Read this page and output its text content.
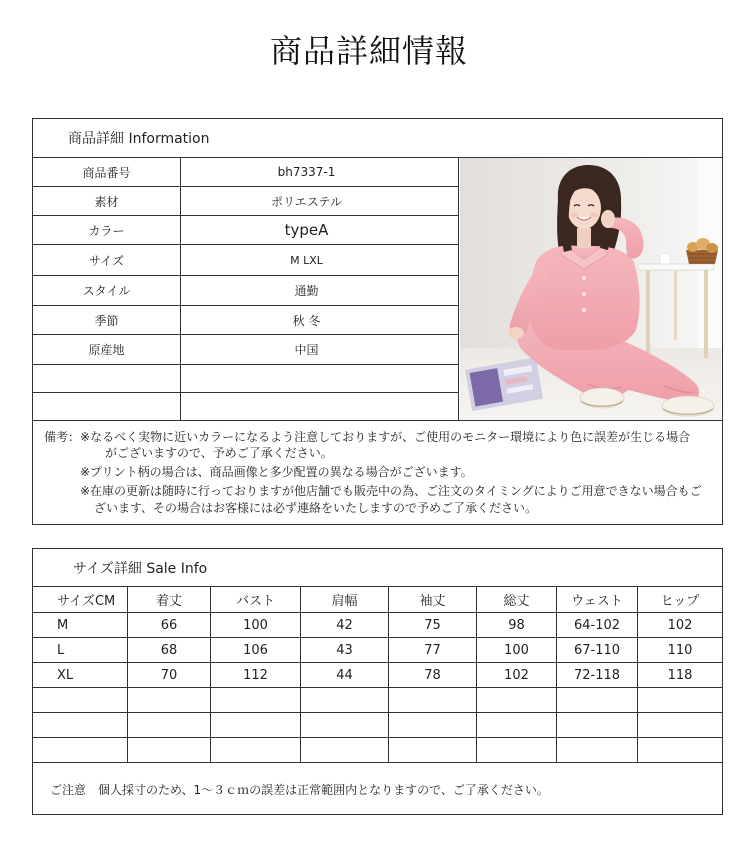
商品詳細情報
商品詳細 Information
商品番号	bh7337-1
素材	ポリエステル
カラー	typeA
サイズ	M LXL
スタイル	通勤
季節	秋 冬
原産地	中国
備考：※なるべく実物に近いカラーになるよう注意しておりますが、ご使用のモニター環境により色に誤差が生じる場合
がございますので、予めご了承ください。
※プリント柄の場合は、商品画像と多少配置の異なる場合がございます。
※在庫の更新は随時に行っておりますが他店舗でも販売中の為、ご注文のタイミングによりご用意できない場合もご
ざいます、その場合はお客様には必ず連絡をいたしますので予めご了承ください。
サイズ詳細 Sale Info
サイズCM	着丈	バスト	肩幅	袖丈	総丈	ウェスト	ヒップ
M	66	100	42	75	98	64-102	102
L	68	106	43	77	100	67-110	110
XL	70	112	44	78	102	72-118	118
ご注意　個人採寸のため、1～３ｃｍの誤差は正常範囲内となりますので、ご了承ください。
